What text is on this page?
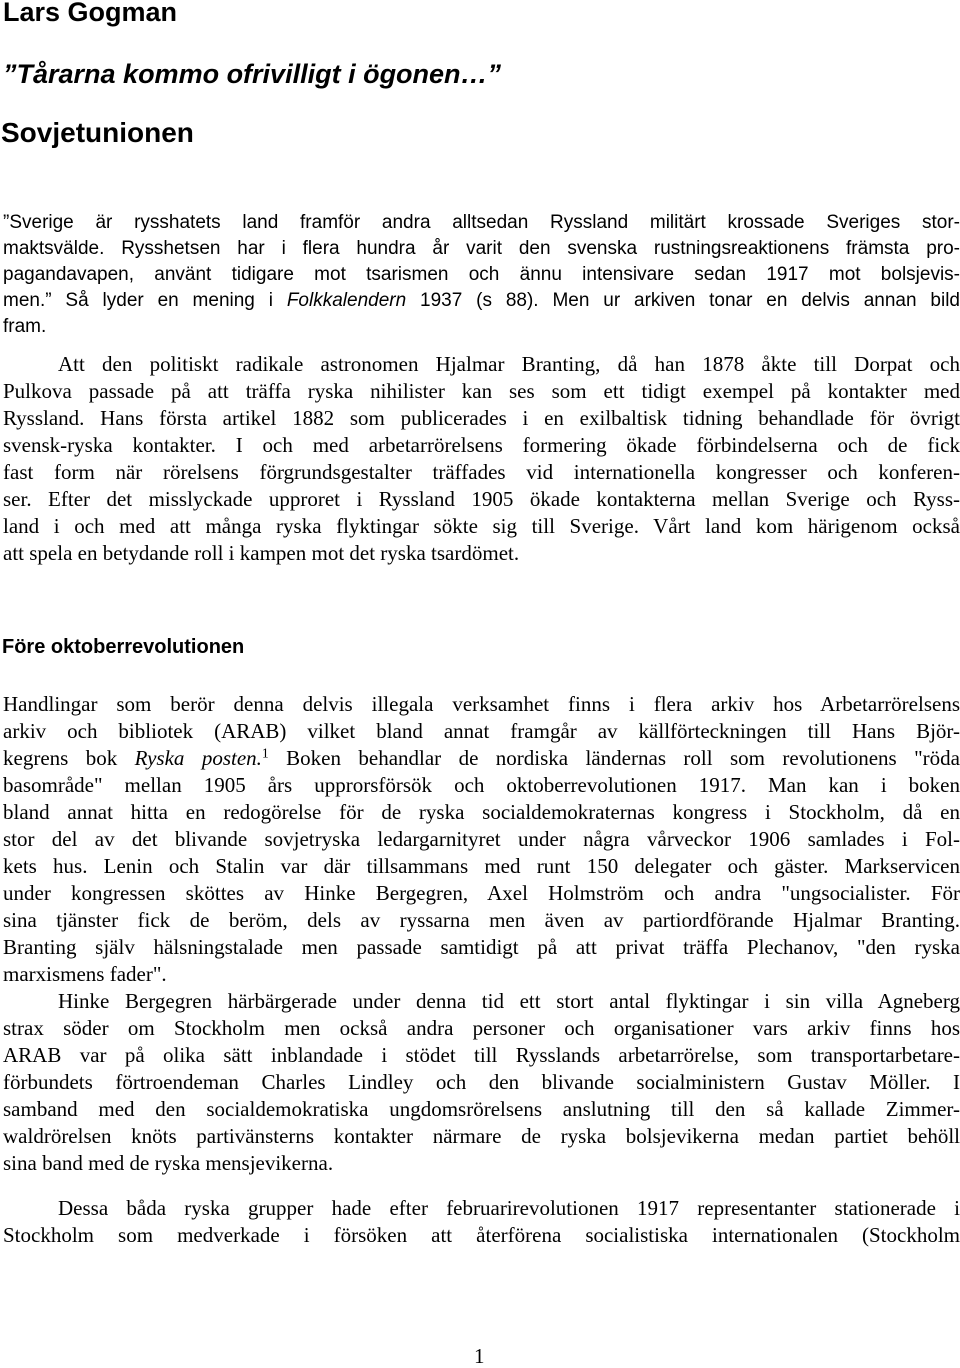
Lars Gogman
”Tårarna kommo ofrivilligt i ögonen…”
Sovjetunionen
”Sverige är rysshatets land framför andra alltsedan Ryssland militärt krossade Sveriges stor-
maktsvälde. Rysshetsen har i flera hundra år varit den svenska rustningsreaktionens främsta pro-
pagandavapen, använt tidigare mot tsarismen och ännu intensivare sedan 1917 mot bolsjevis-
men.” Så lyder en mening i Folkkalendern 1937 (s 88). Men ur arkiven tonar en delvis annan bild
fram.
Att den politiskt radikale astronomen Hjalmar Branting, då han 1878 åkte till Dorpat och
Pulkova passade på att träffa ryska nihilister kan ses som ett tidigt exempel på kontakter med
Ryssland. Hans första artikel 1882 som publicerades i en exilbaltisk tidning behandlade för övrigt
svensk-ryska kontakter. I och med arbetarrörelsens formering ökade förbindelserna och de fick
fast form när rörelsens förgrundsgestalter träffades vid internationella kongresser och konferen-
ser. Efter det misslyckade upproret i Ryssland 1905 ökade kontakterna mellan Sverige och Ryss-
land i och med att många ryska flyktingar sökte sig till Sverige. Vårt land kom härigenom också
att spela en betydande roll i kampen mot det ryska tsardömet.
Före oktoberrevolutionen
Handlingar som berör denna delvis illegala verksamhet finns i flera arkiv hos Arbetarrörelsens
arkiv och bibliotek (ARAB) vilket bland annat framgår av källförteckningen till Hans Björ-
kegrens bok Ryska posten.$^1$ Boken behandlar de nordiska ländernas roll som revolutionens "röda
basområde" mellan 1905 års upprorsförsök och oktoberrevolutionen 1917. Man kan i boken
bland annat hitta en redogörelse för de ryska socialdemokraternas kongress i Stockholm, då en
stor del av det blivande sovjetryska ledargarnityret under några vårveckor 1906 samlades i Fol-
kets hus. Lenin och Stalin var där tillsammans med runt 150 delegater och gäster. Markservicen
under kongressen sköttes av Hinke Bergegren, Axel Holmström och andra "ungsocialister. För
sina tjänster fick de beröm, dels av ryssarna men även av partiordförande Hjalmar Branting.
Branting själv hälsningstalade men passade samtidigt på att privat träffa Plechanov, "den ryska
marxismens fader".
Hinke Bergegren härbärgerade under denna tid ett stort antal flyktingar i sin villa Agneberg
strax söder om Stockholm men också andra personer och organisationer vars arkiv finns hos
ARAB var på olika sätt inblandade i stödet till Rysslands arbetarrörelse, som transportarbetare-
förbundets förtroendeman Charles Lindley och den blivande socialministern Gustav Möller. I
samband med den socialdemokratiska ungdomsrörelsens anslutning till den så kallade Zimmer-
waldrörelsen knöts partivänsterns kontakter närmare de ryska bolsjevikerna medan partiet behöll
sina band med de ryska mensjevikerna.
Dessa båda ryska grupper hade efter februarirevolutionen 1917 representanter stationerade i
Stockholm som medverkade i försöken att återförena socialistiska internationalen (Stockholm
1
